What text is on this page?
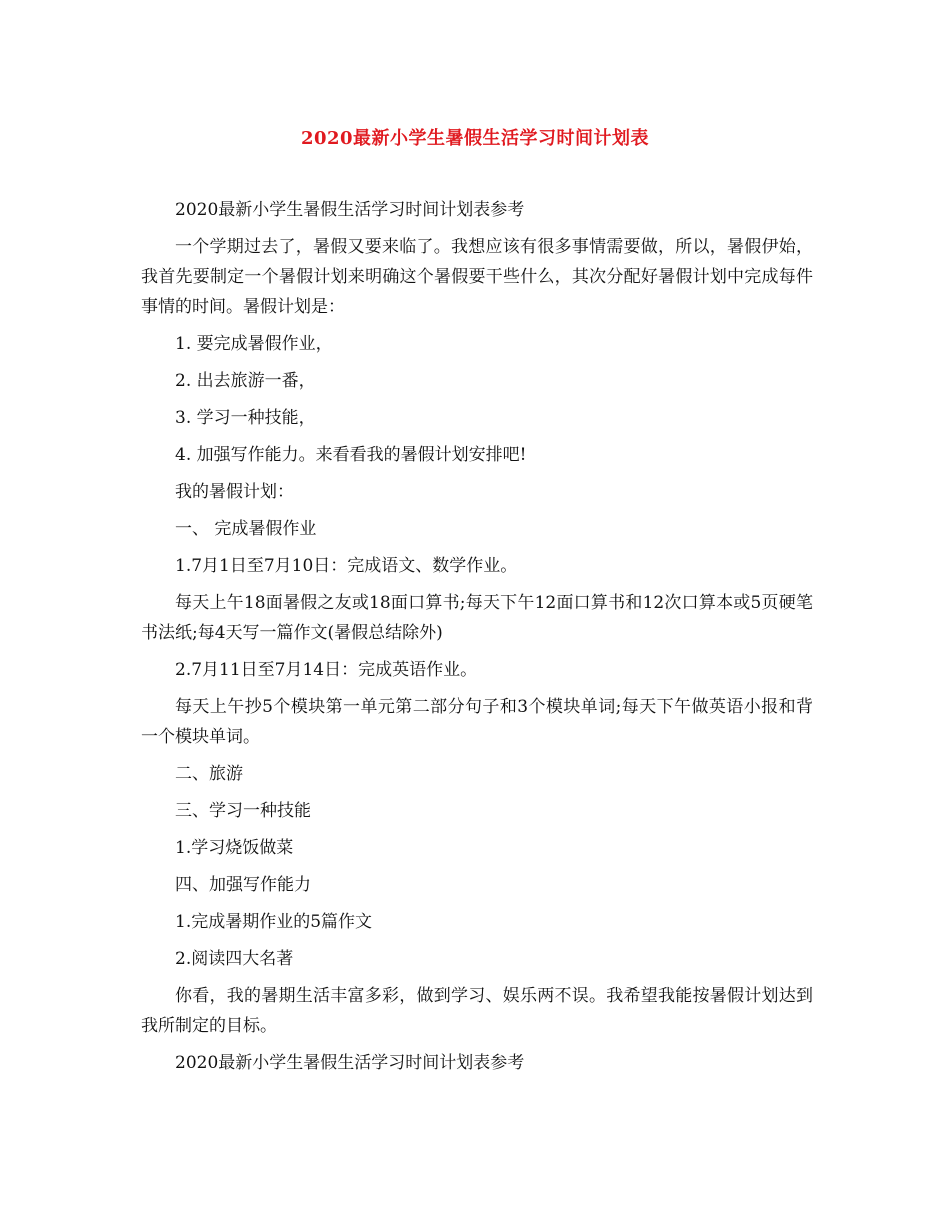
2020最新小学生暑假生活学习时间计划表

2020最新小学生暑假生活学习时间计划表参考

一个学期过去了，暑假又要来临了。我想应该有很多事情需要做，所以，暑假伊始，我首先要制定一个暑假计划来明确这个暑假要干些什么，其次分配好暑假计划中完成每件事情的时间。暑假计划是：

1. 要完成暑假作业，

2. 出去旅游一番，

3. 学习一种技能，

4. 加强写作能力。来看看我的暑假计划安排吧!

我的暑假计划：

一、 完成暑假作业

1.7月1日至7月10日：完成语文、数学作业。

每天上午18面暑假之友或18面口算书;每天下午12面口算书和12次口算本或5页硬笔书法纸;每4天写一篇作文(暑假总结除外)

2.7月11日至7月14日：完成英语作业。

每天上午抄5个模块第一单元第二部分句子和3个模块单词;每天下午做英语小报和背一个模块单词。

二、旅游

三、学习一种技能

1.学习烧饭做菜

四、加强写作能力

1.完成暑期作业的5篇作文

2.阅读四大名著

你看，我的暑期生活丰富多彩，做到学习、娱乐两不误。我希望我能按暑假计划达到我所制定的目标。

2020最新小学生暑假生活学习时间计划表参考
